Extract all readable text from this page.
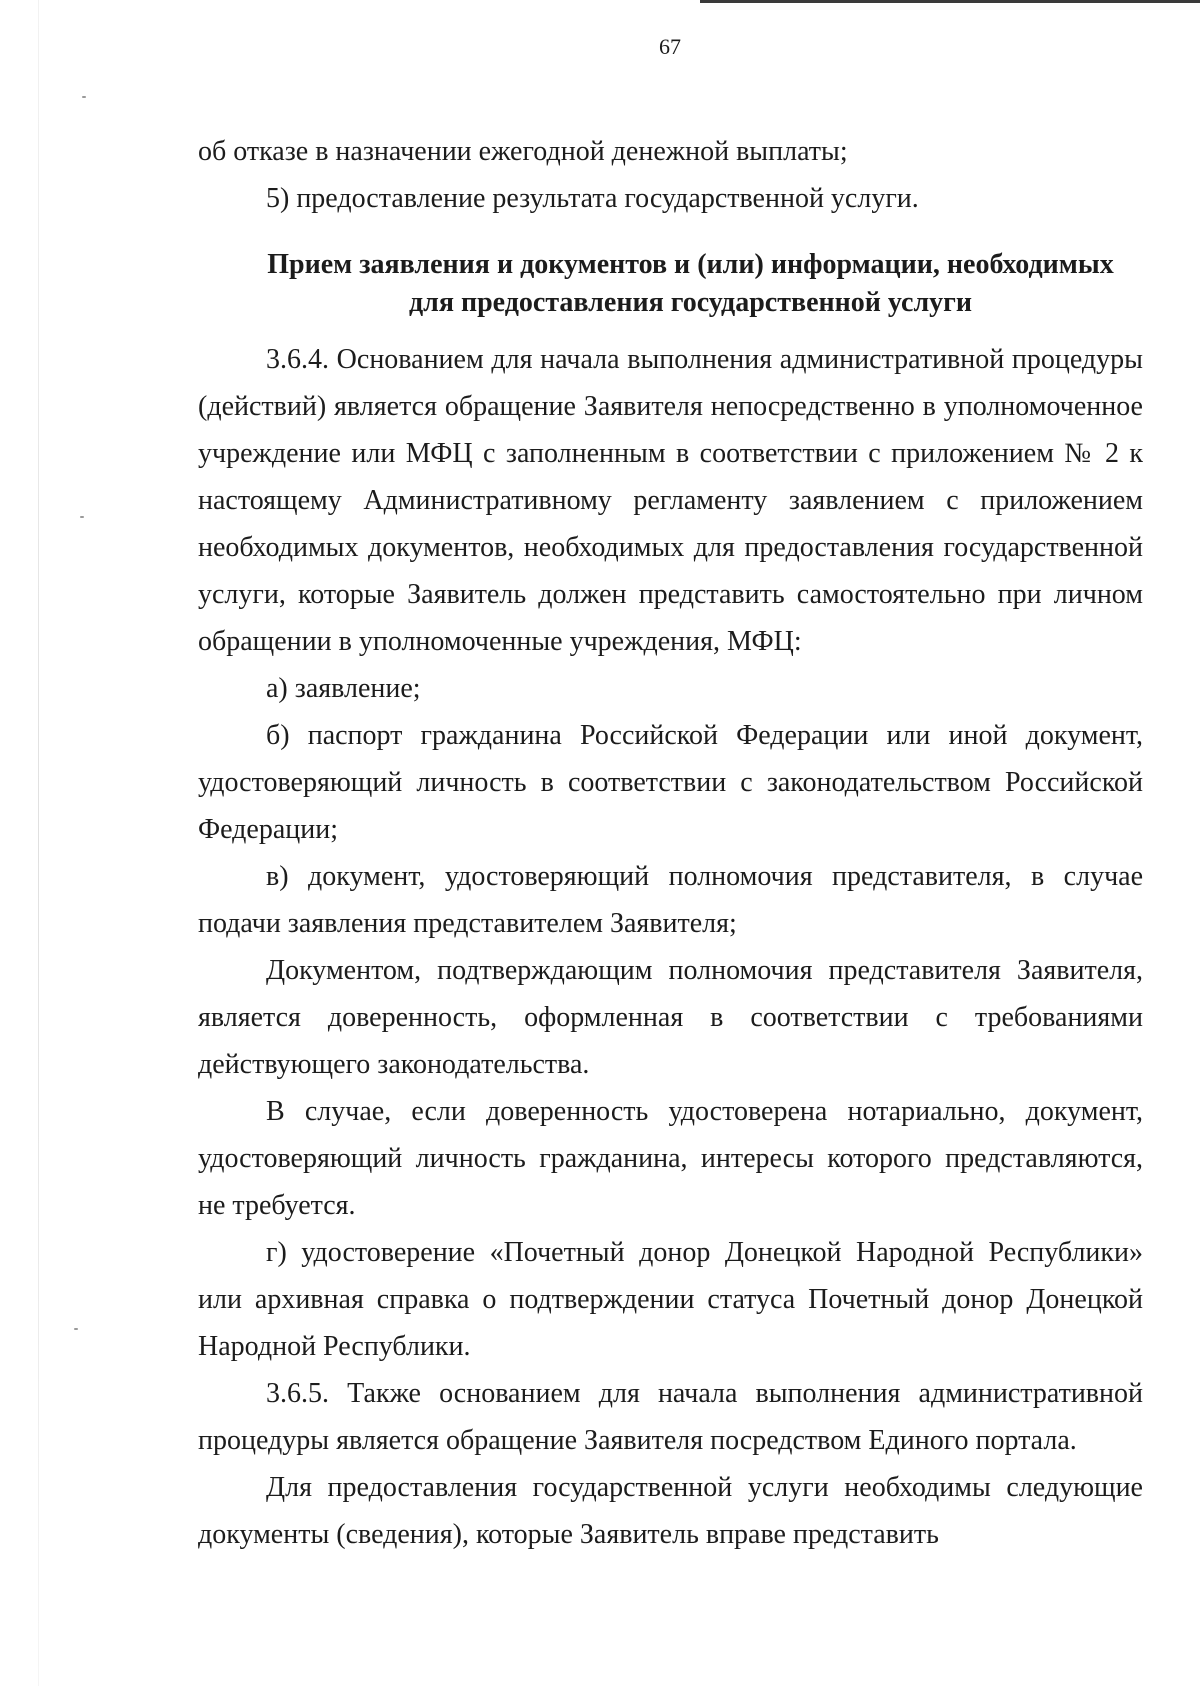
67

об отказе в назначении ежегодной денежной выплаты;

5) предоставление результата государственной услуги.

Прием заявления и документов и (или) информации, необходимых
для предоставления государственной услуги

3.6.4. Основанием для начала выполнения административной процедуры (действий) является обращение Заявителя непосредственно в уполномоченное учреждение или МФЦ с заполненным в соответствии с приложением № 2 к настоящему Административному регламенту заявлением с приложением необходимых документов, необходимых для предоставления государственной услуги, которые Заявитель должен представить самостоятельно при личном обращении в уполномоченные учреждения, МФЦ:

а) заявление;

б) паспорт гражданина Российской Федерации или иной документ, удостоверяющий личность в соответствии с законодательством Российской Федерации;

в) документ, удостоверяющий полномочия представителя, в случае подачи заявления представителем Заявителя;

Документом, подтверждающим полномочия представителя Заявителя, является доверенность, оформленная в соответствии с требованиями действующего законодательства.

В случае, если доверенность удостоверена нотариально, документ, удостоверяющий личность гражданина, интересы которого представляются, не требуется.

г) удостоверение «Почетный донор Донецкой Народной Республики» или архивная справка о подтверждении статуса Почетный донор Донецкой Народной Республики.

3.6.5. Также основанием для начала выполнения административной процедуры является обращение Заявителя посредством Единого портала.

Для предоставления государственной услуги необходимы следующие документы (сведения), которые Заявитель вправе представить
